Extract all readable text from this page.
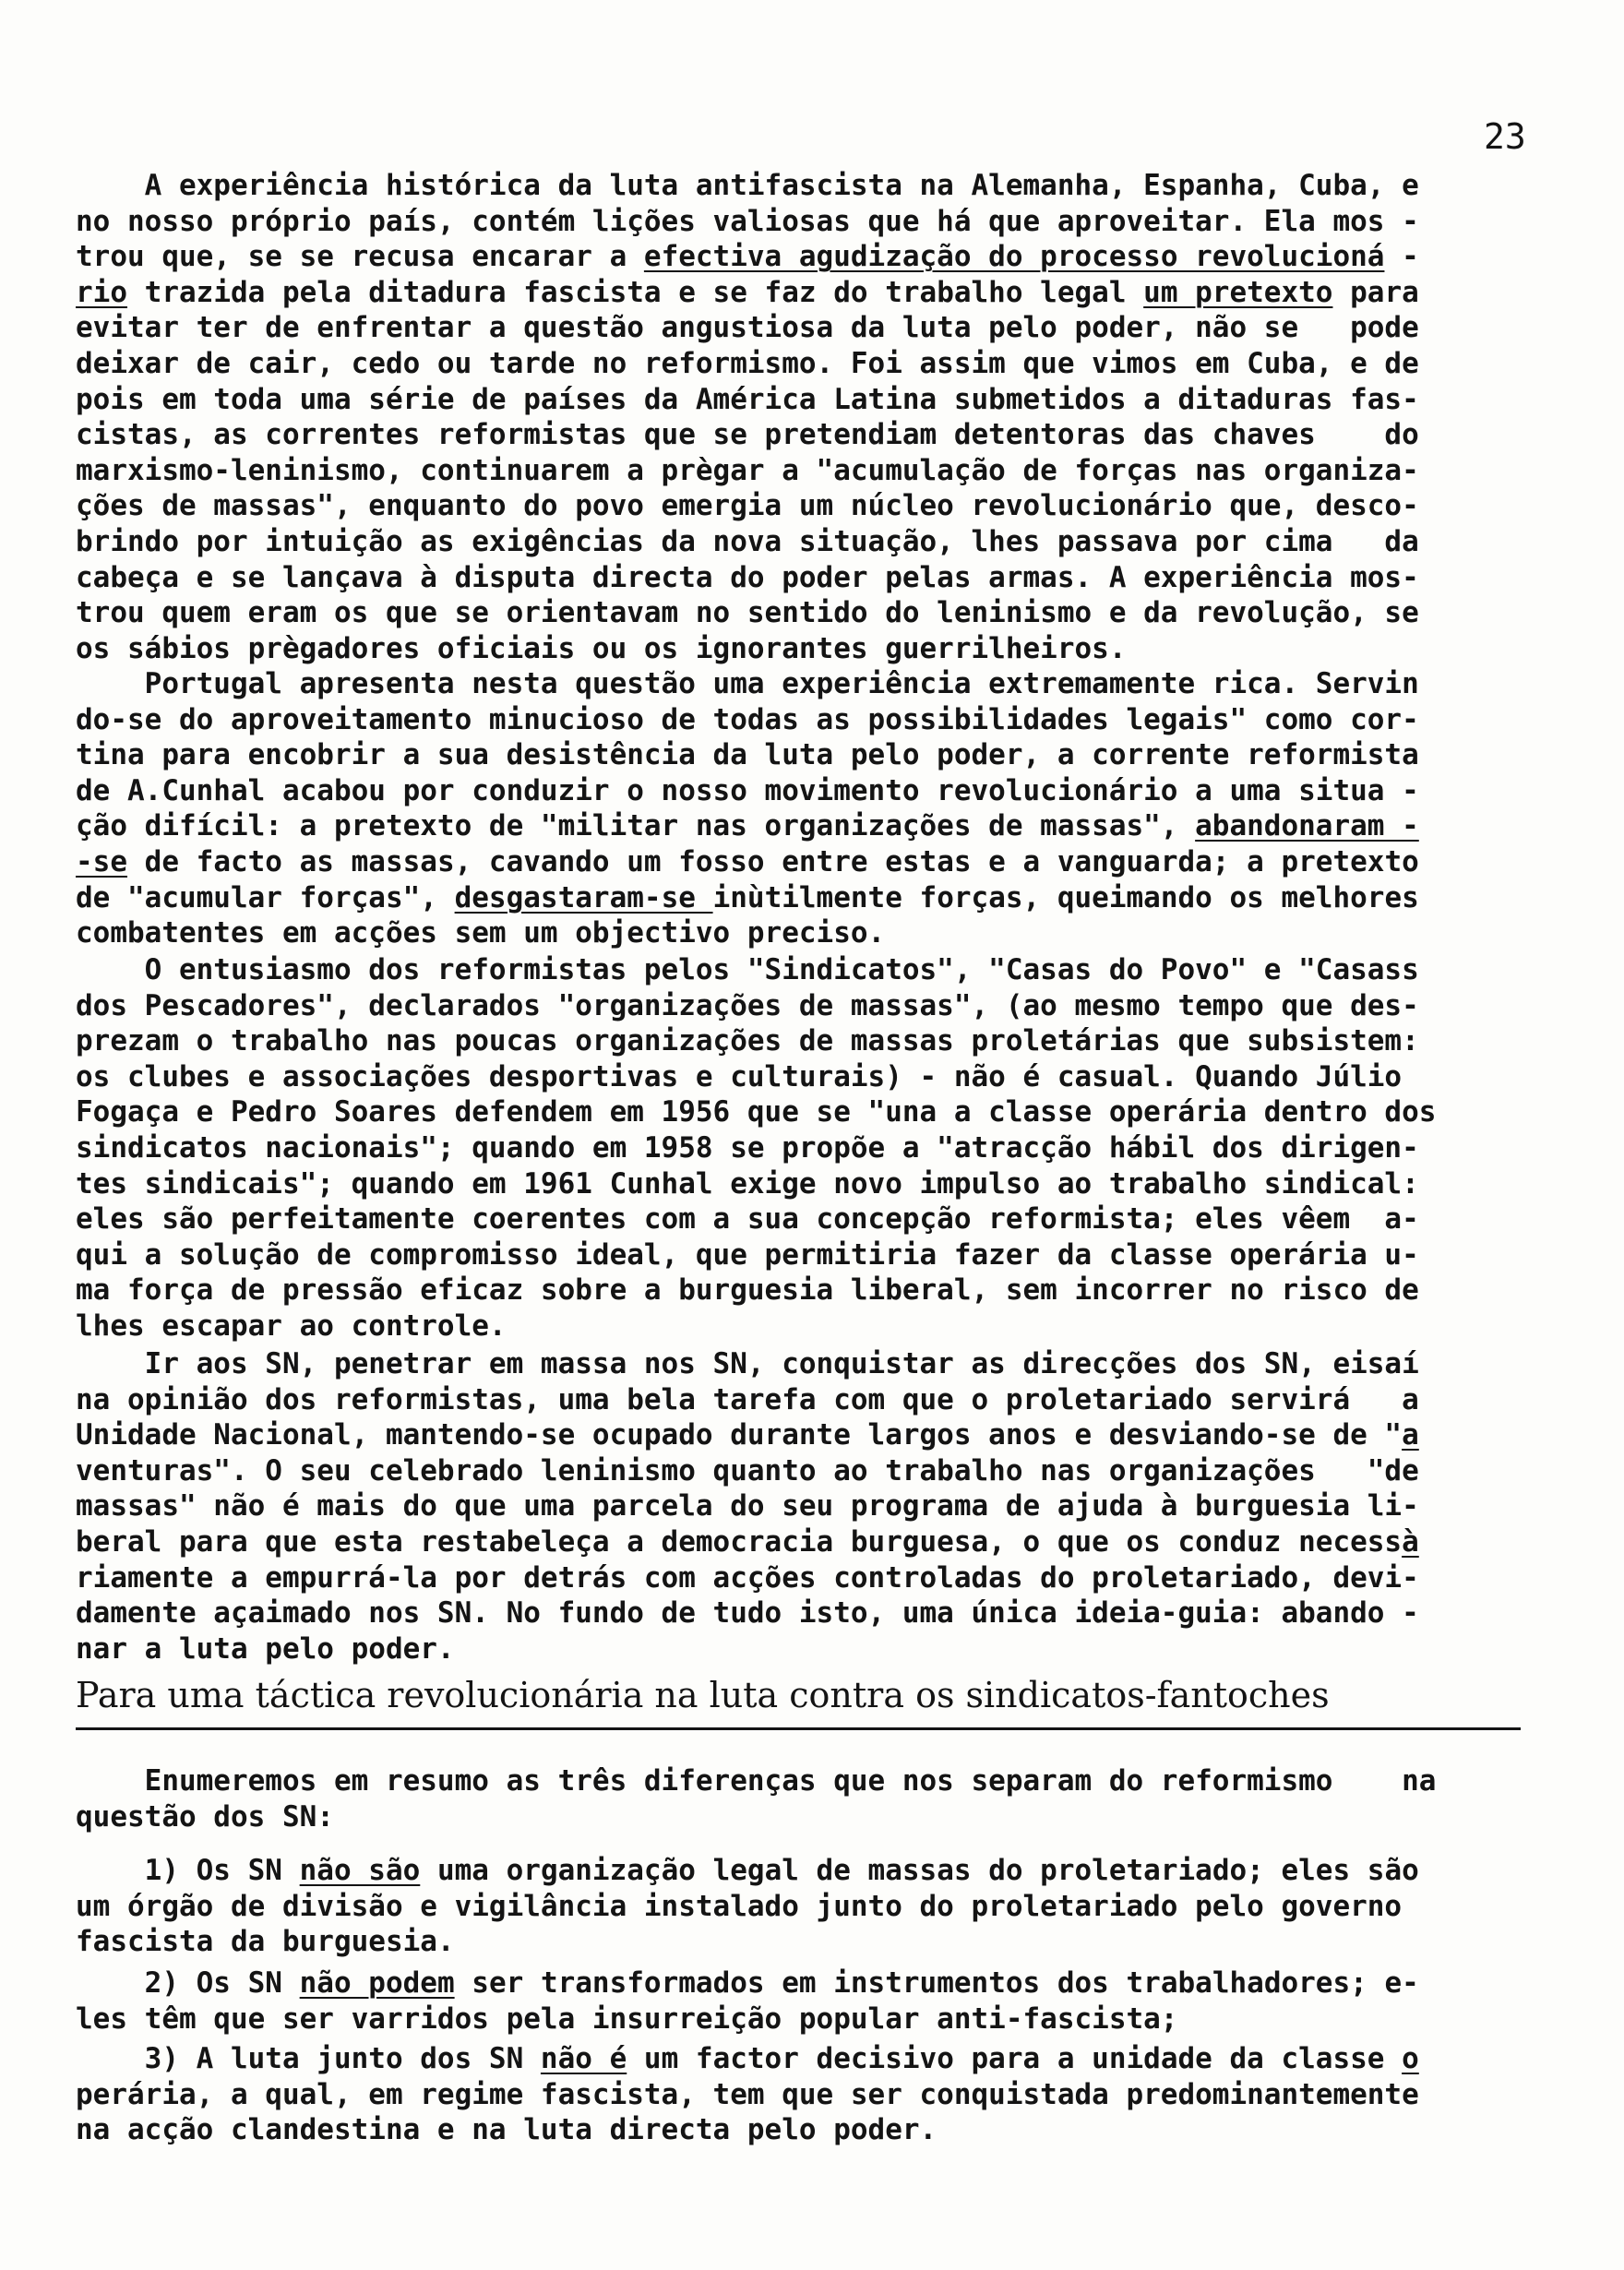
23
A experiência histórica da luta antifascista na Alemanha, Espanha, Cuba, e
no nosso próprio país, contém lições valiosas que há que aproveitar. Ela mos -
trou que, se se recusa encarar a efectiva agudização do processo revolucioná -
rio trazida pela ditadura fascista e se faz do trabalho legal um pretexto para
evitar ter de enfrentar a questão angustiosa da luta pelo poder, não se   pode
deixar de cair, cedo ou tarde no reformismo. Foi assim que vimos em Cuba, e de
pois em toda uma série de países da América Latina submetidos a ditaduras fas-
cistas, as correntes reformistas que se pretendiam detentoras das chaves    do
marxismo-leninismo, continuarem a prègar a "acumulação de forças nas organiza-
ções de massas", enquanto do povo emergia um núcleo revolucionário que, desco-
brindo por intuição as exigências da nova situação, lhes passava por cima   da
cabeça e se lançava à disputa directa do poder pelas armas. A experiência mos-
trou quem eram os que se orientavam no sentido do leninismo e da revolução, se
os sábios prègadores oficiais ou os ignorantes guerrilheiros.
Portugal apresenta nesta questão uma experiência extremamente rica. Servin
do-se do aproveitamento minucioso de todas as possibilidades legais" como cor-
tina para encobrir a sua desistência da luta pelo poder, a corrente reformista
de A.Cunhal acabou por conduzir o nosso movimento revolucionário a uma situa -
ção difícil: a pretexto de "militar nas organizações de massas", abandonaram -
-se de facto as massas, cavando um fosso entre estas e a vanguarda; a pretexto
de "acumular forças", desgastaram-se inùtilmente forças, queimando os melhores
combatentes em acções sem um objectivo preciso.
O entusiasmo dos reformistas pelos "Sindicatos", "Casas do Povo" e "Casass
dos Pescadores", declarados "organizações de massas", (ao mesmo tempo que des-
prezam o trabalho nas poucas organizações de massas proletárias que subsistem:
os clubes e associações desportivas e culturais) - não é casual. Quando Júlio
Fogaça e Pedro Soares defendem em 1956 que se "una a classe operária dentro dos
sindicatos nacionais"; quando em 1958 se propõe a "atracção hábil dos dirigen-
tes sindicais"; quando em 1961 Cunhal exige novo impulso ao trabalho sindical:
eles são perfeitamente coerentes com a sua concepção reformista; eles vêem  a-
qui a solução de compromisso ideal, que permitiria fazer da classe operária u-
ma força de pressão eficaz sobre a burguesia liberal, sem incorrer no risco de
lhes escapar ao controle.
Ir aos SN, penetrar em massa nos SN, conquistar as direcções dos SN, eisaí
na opinião dos reformistas, uma bela tarefa com que o proletariado servirá   a
Unidade Nacional, mantendo-se ocupado durante largos anos e desviando-se de "a
venturas". O seu celebrado leninismo quanto ao trabalho nas organizações   "de
massas" não é mais do que uma parcela do seu programa de ajuda à burguesia li-
beral para que esta restabeleça a democracia burguesa, o que os conduz necessà
riamente a empurrá-la por detrás com acções controladas do proletariado, devi-
damente açaimado nos SN. No fundo de tudo isto, uma única ideia-guia: abando -
nar a luta pelo poder.
Para uma táctica revolucionária na luta contra os sindicatos-fantoches
Enumeremos em resumo as três diferenças que nos separam do reformismo    na
questão dos SN:
1) Os SN não são uma organização legal de massas do proletariado; eles são
um órgão de divisão e vigilância instalado junto do proletariado pelo governo
fascista da burguesia.
2) Os SN não podem ser transformados em instrumentos dos trabalhadores; e-
les têm que ser varridos pela insurreição popular anti-fascista;
3) A luta junto dos SN não é um factor decisivo para a unidade da classe o
perária, a qual, em regime fascista, tem que ser conquistada predominantemente
na acção clandestina e na luta directa pelo poder.
